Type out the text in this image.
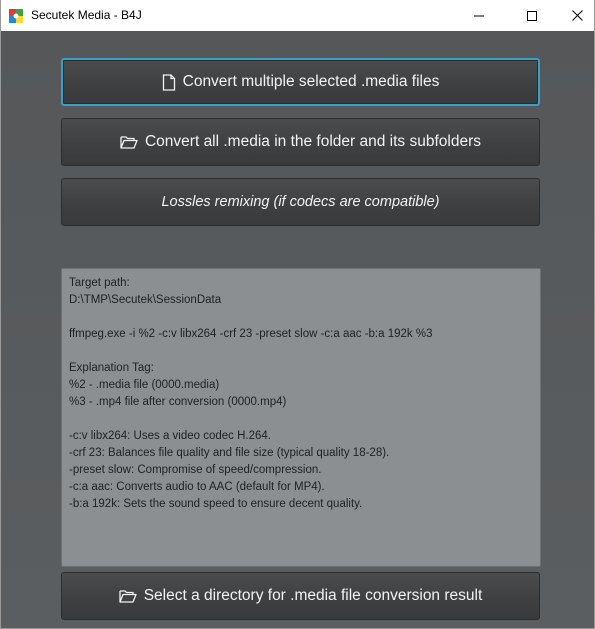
Secutek Media - B4J
Convert multiple selected .media files
Convert all .media in the folder and its subfolders
Lossles remixing (if codecs are compatible)
Target path:
D:\TMP\Secutek\SessionData
ffmpeg.exe -i %2 -c:v libx264 -crf 23 -preset slow -c:a aac -b:a 192k %3
Explanation Tag:
%2 - .media file (0000.media)
%3 - .mp4 file after conversion (0000.mp4)
-c:v libx264: Uses a video codec H.264.
-crf 23: Balances file quality and file size (typical quality 18-28).
-preset slow: Compromise of speed/compression.
-c:a aac: Converts audio to AAC (default for MP4).
-b:a 192k: Sets the sound speed to ensure decent quality.
Select a directory for .media file conversion result
